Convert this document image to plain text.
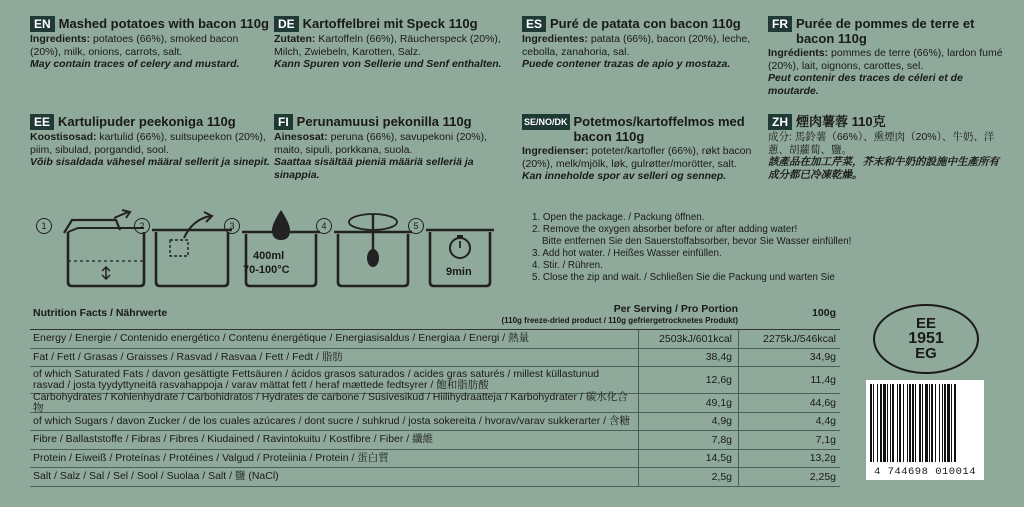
EN Mashed potatoes with bacon 110g

Ingredients: potatoes (66%), smoked bacon (20%), milk, onions, carrots, salt.

May contain traces of celery and mustard.

DE Kartoffelbrei mit Speck 110g

Zutaten: Kartoffeln (66%), Räucherspeck (20%), Milch, Zwiebeln, Karotten, Salz.

Kann Spuren von Sellerie und Senf enthalten.

ES Puré de patata con bacon 110g

Ingredientes: patata (66%), bacon (20%), leche, cebolla, zanahoria, sal.

Puede contener trazas de apio y mostaza.

FR Purée de pommes de terre et bacon 110g

Ingrédients: pommes de terre (66%), lardon fumé (20%), lait, oignons, carottes, sel.

Peut contenir des traces de céleri et de moutarde.

EE Kartulipuder peekoniga 110g

Koostisosad: kartulid (66%), suitsupeekon (20%), piim, sibulad, porgandid, sool.

Võib sisaldada vähesel määral sellerit ja sinepit.

FI Perunamuusi pekonilla 110g

Ainesosat: peruna (66%), savupekoni (20%), maito, sipuli, porkkana, suola.

Saattaa sisältää pieniä määriä selleriä ja sinappia.

SE/NO/DK Potetmos/kartoffelmos med bacon 110g

Ingredienser: poteter/kartofler (66%), røkt bacon (20%), melk/mjölk, løk, gulrøtter/morötter, salt.

Kan inneholde spor av selleri og sennep.

ZH 煙肉薯蓉 110克

成分: 馬鈴薯（66%）、熏煙肉（20%）、牛奶、洋蔥、胡蘿蔔、鹽。

該產品在加工芹菜，芥末和牛奶的設施中生產所有成分都已冷凍乾燥。

1	2	3
400ml
70-100°C
4	5
9min
1. Open the package. / Packung öffnen.
2. Remove the oxygen absorber before or after adding water!
Bitte entfernen Sie den Sauerstoffabsorber, bevor Sie Wasser einfüllen!
3. Add hot water. / Heißes Wasser einfüllen.
4. Stir. / Rühren.
5. Close the zip and wait. / Schließen Sie die Packung und warten Sie
Nutrition Facts / Nährwerte	Per Serving / Pro Portion
(110g freeze-dried product / 110g gefriergetrocknetes Produkt)
100g
Energy / Energie / Contenido energético / Contenu énergétique / Energiasisaldus / Energiaa / Energi / 熱量	2503kJ/601kcal	2275kJ/546kcal
Fat / Fett / Grasas / Graisses / Rasvad / Rasvaa / Fett / Fedt / 脂肪	38,4g	34,9g
of which Saturated Fats / davon gesättigte Fettsäuren / ácidos grasos saturados / acides gras saturés / millest küllastunud rasvad / josta tyydyttyneitä rasvahappoja / varav mättat fett / heraf mættede fedtsyrer / 飽和脂肪酸	12,6g	11,4g
Carbohydrates / Kohlenhydrate / Carbohidratos / Hydrates de carbone / Süsivesikud / Hiilihydraatteja / Karbohydrater / 碳水化合物	49,1g	44,6g
of which Sugars / davon Zucker / de los cuales azúcares / dont sucre / suhkrud / josta sokereita / hvorav/varav sukkerarter / 含糖	4,9g	4,4g
Fibre / Ballaststoffe / Fibras / Fibres / Kiudained / Ravintokuitu / Kostfibre / Fiber / 纖維	7,8g	7,1g
Protein / Eiweiß / Proteínas / Protéines / Valgud / Proteiinia / Protein / 蛋白質	14,5g	13,2g
Salt / Salz / Sal / Sel / Sool / Suolaa / Salt / 鹽 (NaCl)	2,5g	2,25g
EE
1951
EG
4 744698 010014
